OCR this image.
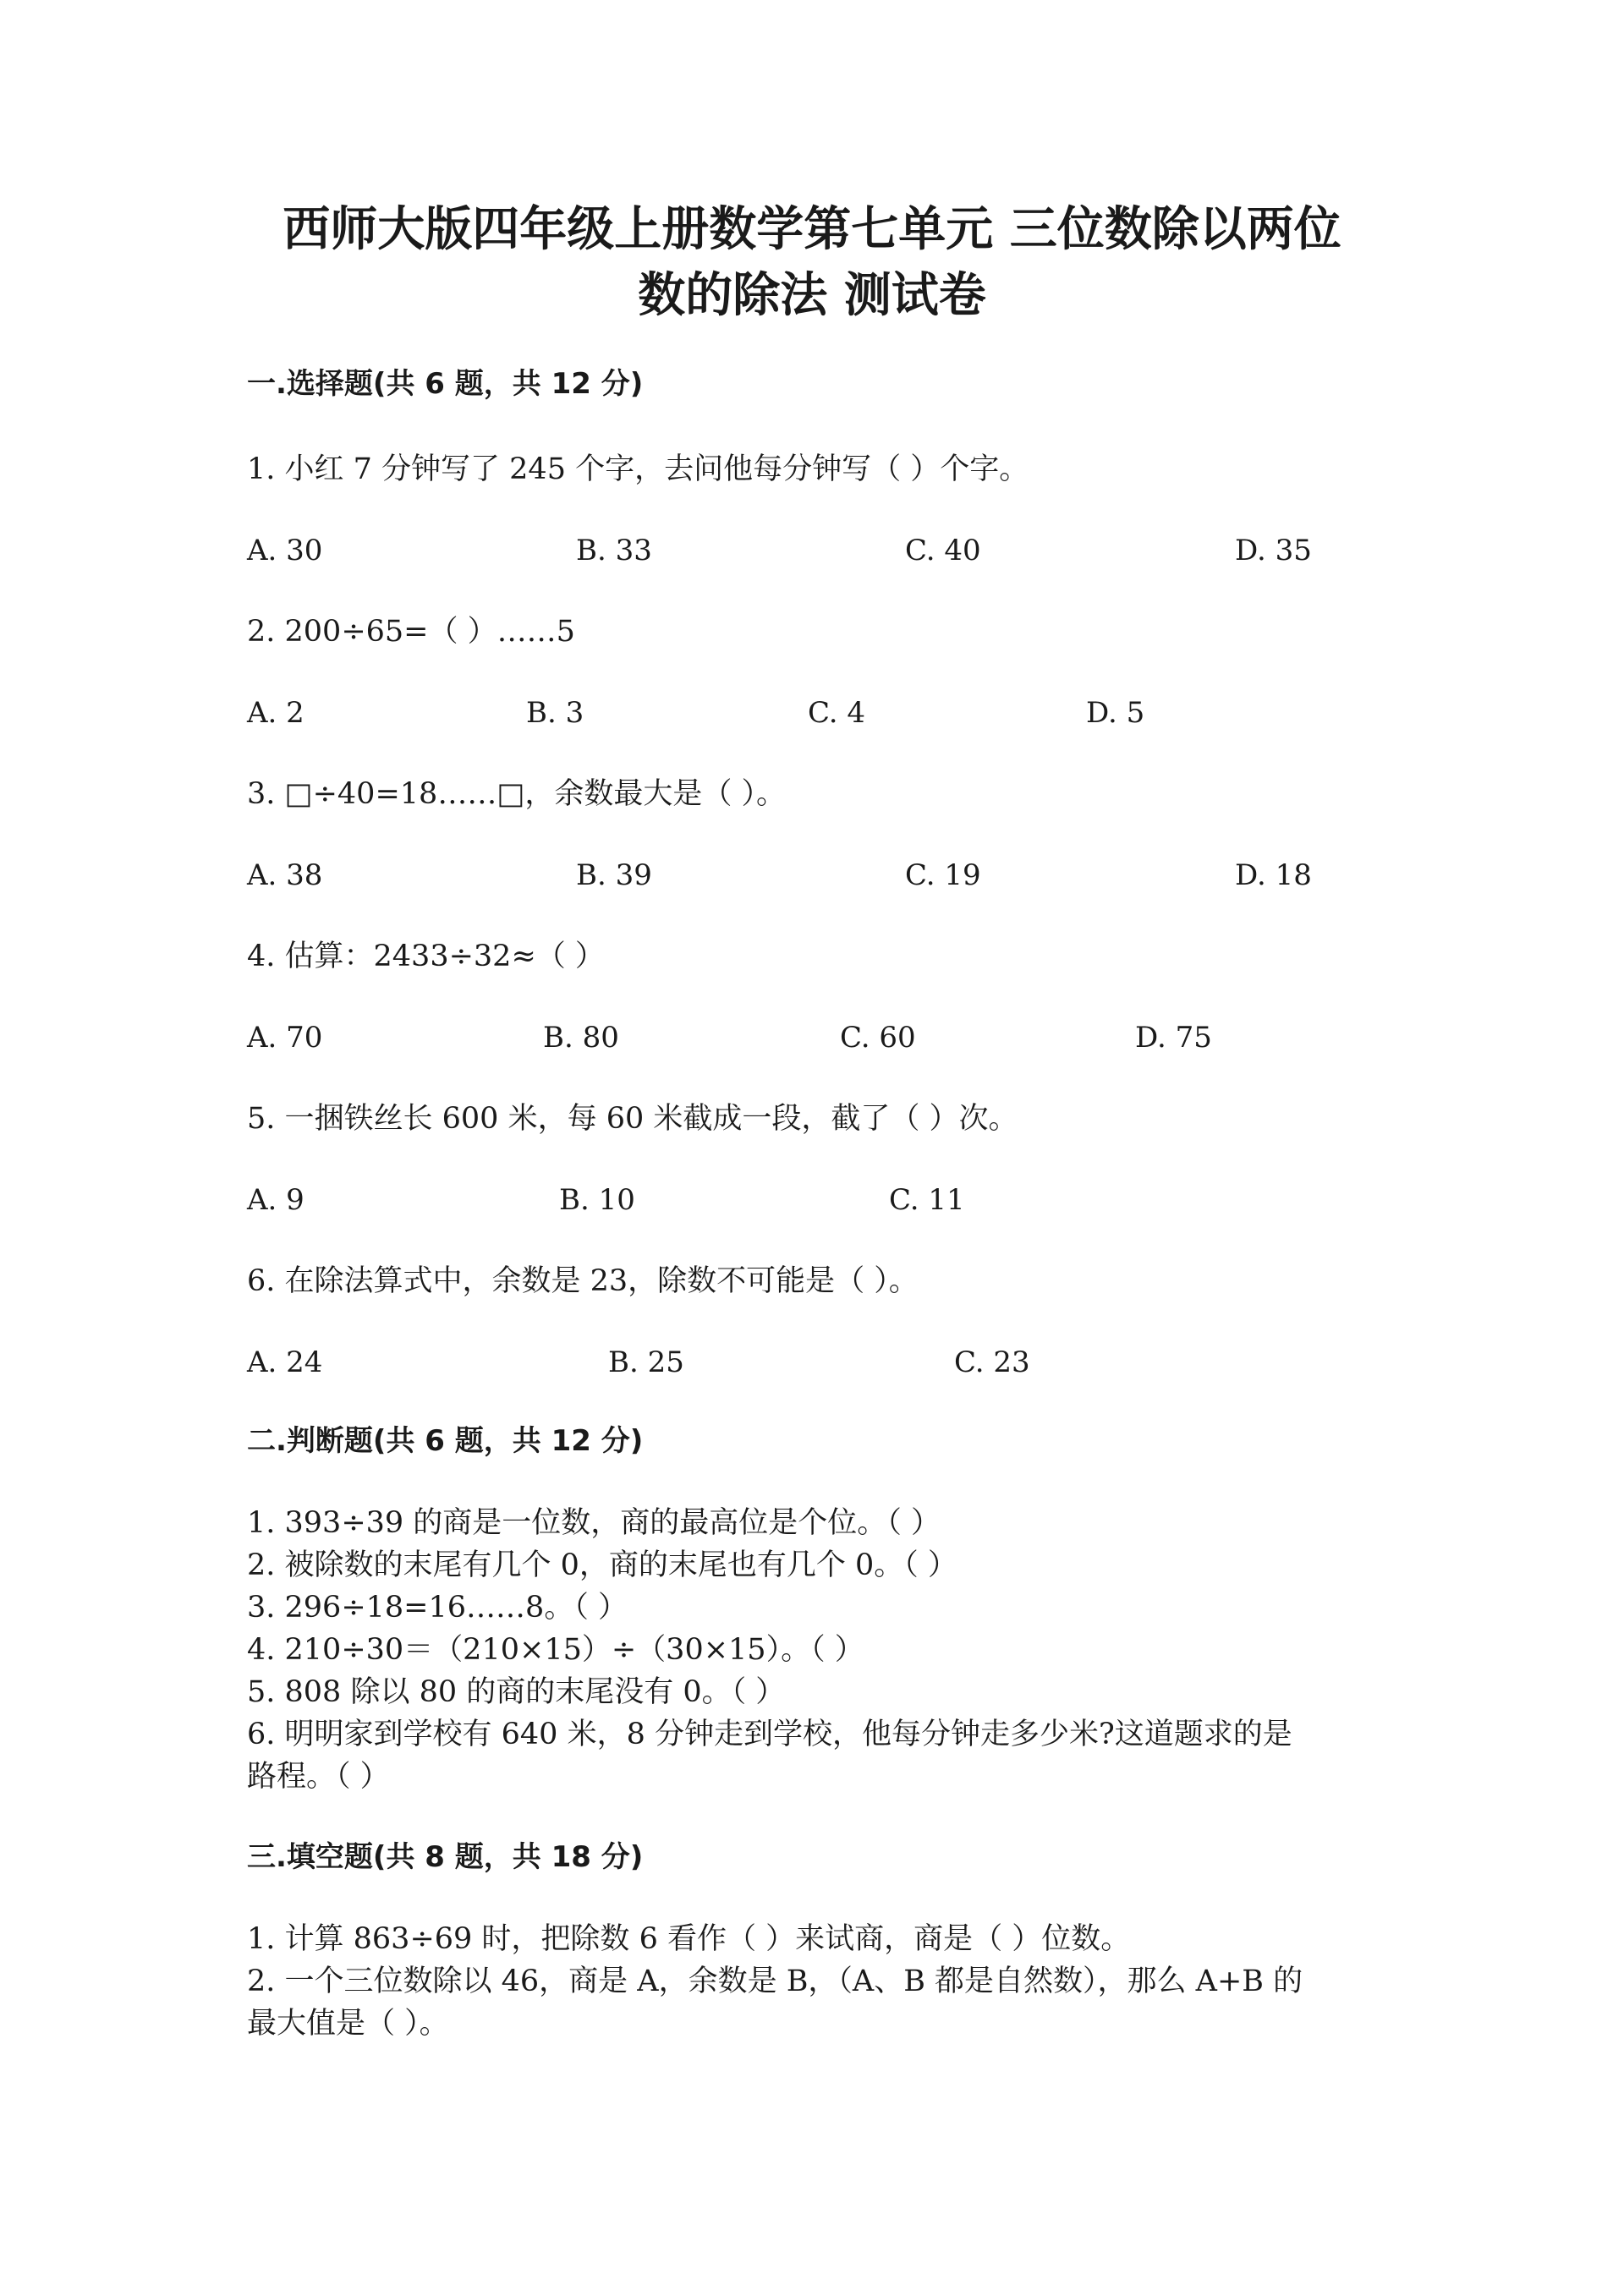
西师大版四年级上册数学第七单元 三位数除以两位
数的除法 测试卷
一.选择题(共 6 题，共 12 分)
1. 小红 7 分钟写了 245 个字，去问他每分钟写（ ）个字。
A. 30	B. 33	C. 40	D. 35
2. 200÷65=（ ）……5
A. 2	B. 3	C. 4	D. 5
3. □÷40=18……□，余数最大是（ ）。
A. 38	B. 39	C. 19	D. 18
4. 估算：2433÷32≈（ ）
A. 70	B. 80	C. 60	D. 75
5. 一捆铁丝长 600 米，每 60 米截成一段，截了（ ）次。
A. 9	B. 10	C. 11
6. 在除法算式中，余数是 23，除数不可能是（ ）。
A. 24	B. 25	C. 23
二.判断题(共 6 题，共 12 分)
1. 393÷39 的商是一位数，商的最高位是个位。（ ）
2. 被除数的末尾有几个 0，商的末尾也有几个 0。（ ）
3. 296÷18=16……8。（ ）
4. 210÷30＝（210×15）÷（30×15）。（ ）
5. 808 除以 80 的商的末尾没有 0。（ ）
6. 明明家到学校有 640 米，8 分钟走到学校，他每分钟走多少米?这道题求的是
路程。（ ）
三.填空题(共 8 题，共 18 分)
1. 计算 863÷69 时，把除数 6 看作（ ）来试商，商是（ ）位数。
2. 一个三位数除以 46，商是 A，余数是 B，（A、B 都是自然数），那么 A+B 的
最大值是（ ）。
